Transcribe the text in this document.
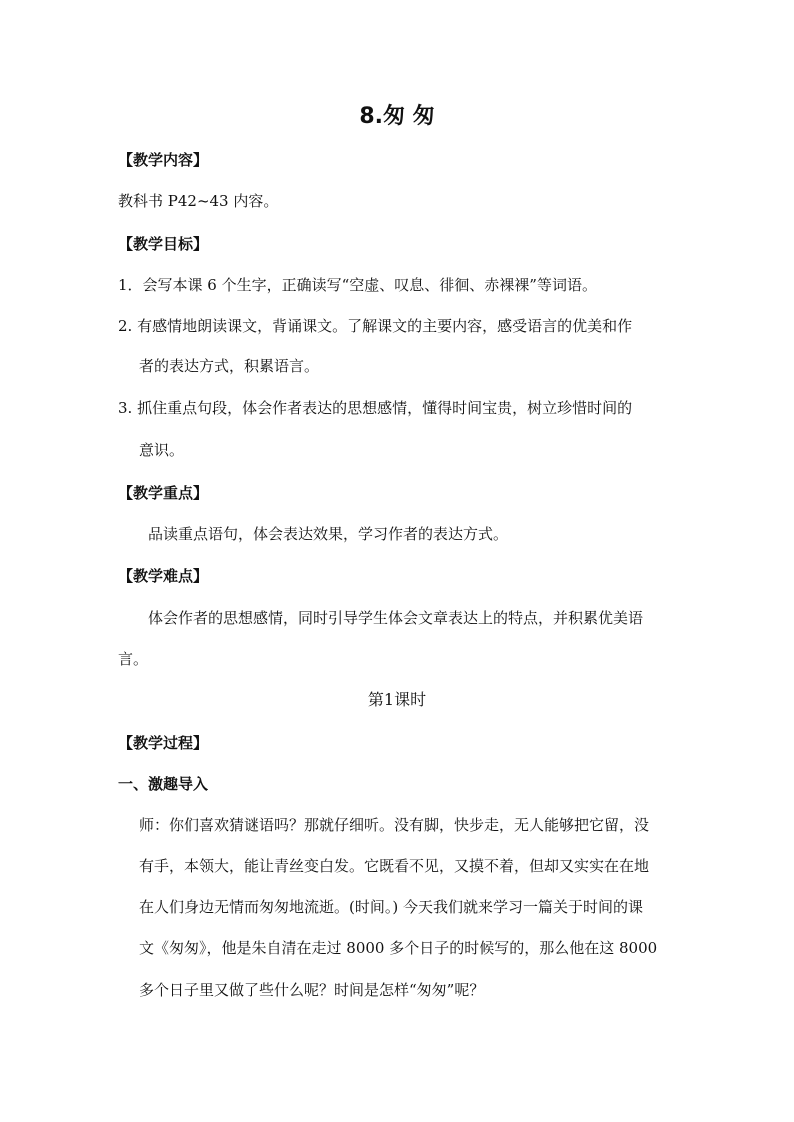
8.匆 匆
【教学内容】
教科书 P42~43 内容。
【教学目标】
1．会写本课 6 个生字，正确读写“空虚、叹息、徘徊、赤裸裸”等词语。
2. 有感情地朗读课文，背诵课文。了解课文的主要内容，感受语言的优美和作
者的表达方式，积累语言。
3. 抓住重点句段，体会作者表达的思想感情，懂得时间宝贵，树立珍惜时间的
意识。
【教学重点】
品读重点语句，体会表达效果，学习作者的表达方式。
【教学难点】
体会作者的思想感情，同时引导学生体会文章表达上的特点，并积累优美语
言。
第1课时
【教学过程】
一、激趣导入
师：你们喜欢猜谜语吗？那就仔细听。没有脚，快步走，无人能够把它留，没
有手，本领大，能让青丝变白发。它既看不见，又摸不着，但却又实实在在地
在人们身边无情而匆匆地流逝。(时间。) 今天我们就来学习一篇关于时间的课
文《匆匆》，他是朱自清在走过 8000 多个日子的时候写的，那么他在这 8000
多个日子里又做了些什么呢？时间是怎样“匆匆”呢？
